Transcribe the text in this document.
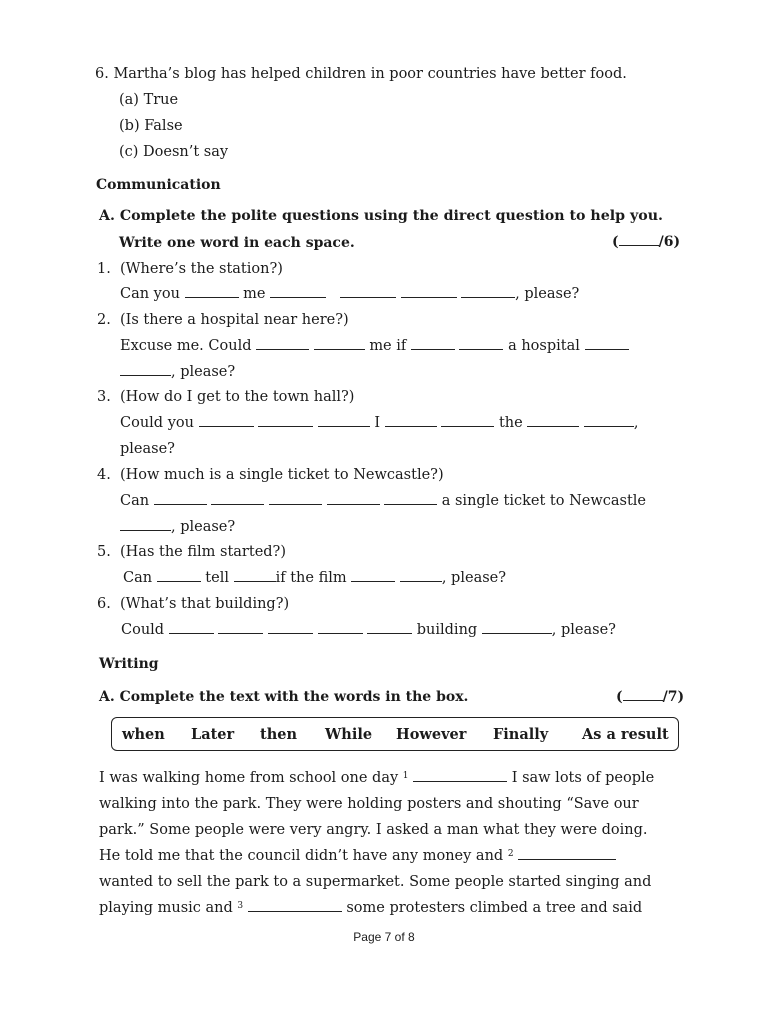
6. Martha’s blog has helped children in poor countries have better food.
(a) True
(b) False
(c) Doesn’t say
Communication
A. Complete the polite questions using the direct question to help you.
Write one word in each space.	(	/6)
1. (Where’s the station?)
Can you	me	, please?
2. (Is there a hospital near here?)
Excuse me. Could	me if	a hospital
, please?
3. (How do I get to the town hall?)
Could you	I	the	,
please?
4. (How much is a single ticket to Newcastle?)
Can	a single ticket to Newcastle
, please?
5. (Has the film started?)
Can	tell	if the film	, please?
6. (What’s that building?)
Could	building	, please?
Writing
A. Complete the text with the words in the box.	(	/7)
when Later then While However Finally As a result
I was walking home from school one day $^1$	I saw lots of people
walking into the park. They were holding posters and shouting “Save our
park.” Some people were very angry. I asked a man what they were doing.
He told me that the council didn’t have any money and $^2$
wanted to sell the park to a supermarket. Some people started singing and
playing music and $^3$	some protesters climbed a tree and said
Page 7 of 8
